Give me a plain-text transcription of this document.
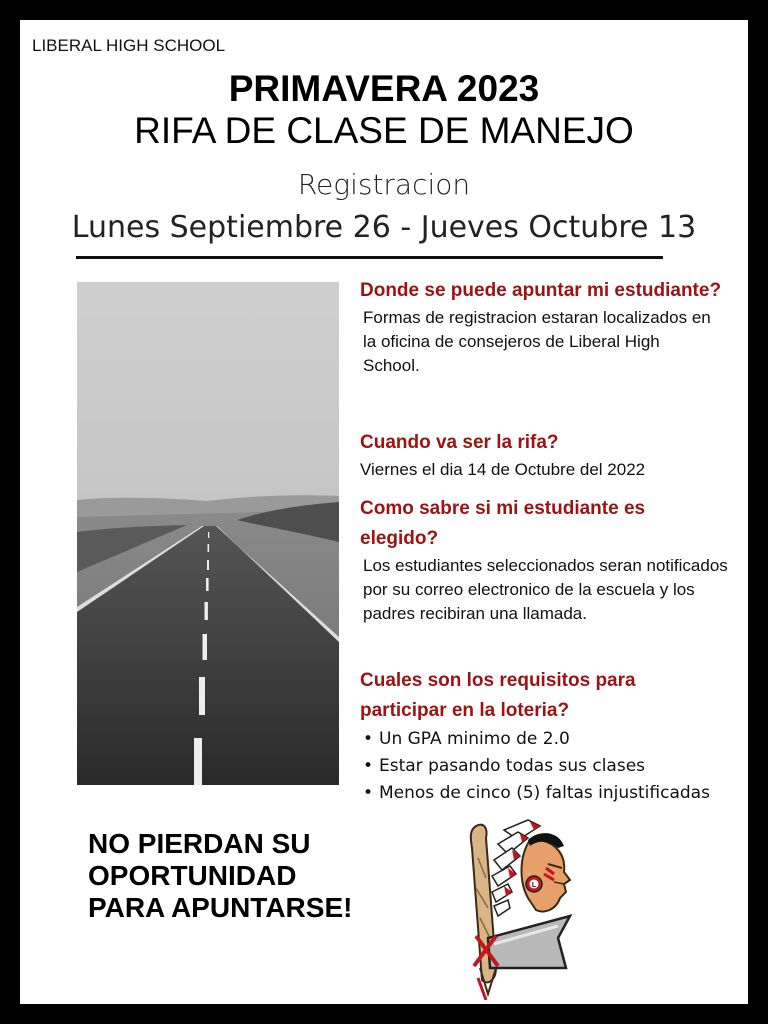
LIBERAL HIGH SCHOOL
PRIMAVERA 2023
RIFA DE CLASE DE MANEJO
Registracion
Lunes Septiembre 26 - Jueves Octubre 13

Donde se puede apuntar mi estudiante?

Formas de registracion estaran localizados en la oficina de consejeros de Liberal High School.

Cuando va ser la rifa?

Viernes el dia 14 de Octubre del 2022

Como sabre si mi estudiante es elegido?

Los estudiantes seleccionados seran notificados por su correo electronico de la escuela y los padres recibiran una llamada.

Cuales son los requisitos para participar en la loteria?

• Un GPA minimo de 2.0
• Estar pasando todas sus clases
• Menos de cinco (5) faltas injustificadas
NO PIERDAN SU OPORTUNIDAD PARA APUNTARSE!
L
